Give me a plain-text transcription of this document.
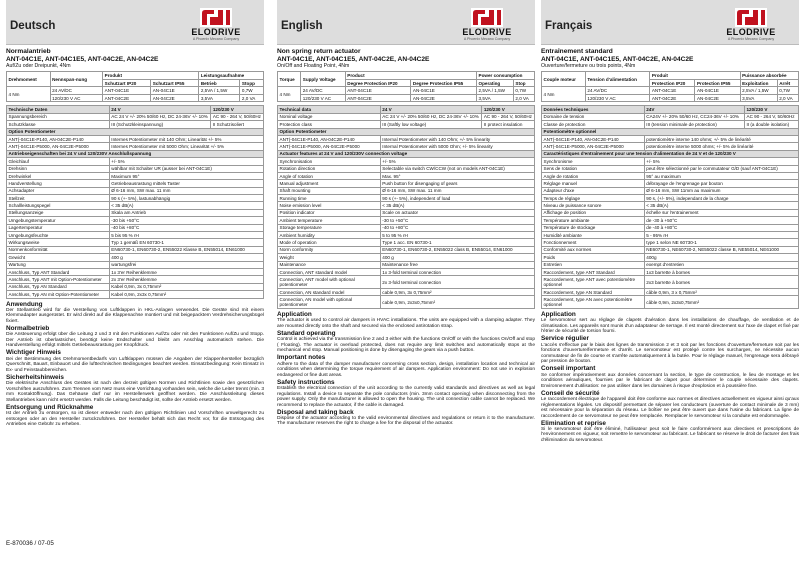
Deutsch	ELODRIVE
A Phoenix Mecano Company
Normalantrieb
ANT-04C1E, ANT-04C1E5, ANT-04C2E, AN-04C2E
Auf/Zu oder Dreipunkt, 4Nm
Drehmoment	Nennspan-nung	Produkt		Leistungsaufnahme	
		Schutzart IP20	Schutzart IP55	Betrieb	Stopp
4 Nm	24 AV/DC	ANT-04C1E	AN-04C1E	2,5VA / 1,5W	0,7W
	120/230 V AC	ANT-04C2E	AN-04C2E	3,5VA	2,0 VA
Technische Daten	24 V	120/230 V
Spannungsbereich	AC 24 V +/- 20% 50/60 Hz, DC 24-36V +/- 10%	AC 90 - 264 V, 50/60Hz
Schutzklasse	III (Schutzkleinspannung)	II Schutzisoliert
Option Potentiometer		
ANT(-04C1E-P140, AN-04C2E-P140	Internes Potentiometer mit 140 Ohm; Linearität +/- 5%	
ANT(-04C1E-P5000, AN-04C2E-P5000	Internes Potentiometer mit 5000 Ohm; Linearität +/- 5%	
Antriebseigenschaften bei 24 V und 120/230V Anschlußspannung		
Gleichlauf	+/- 5%	
Drehsinn	wählbar mit Schalter UR (ausser bei ANT-04C1E)	
Drehwinkel	Maximum 95°	
Handverstellung	Getriebeausrastung mittels Taster	
Achsadapter	Ø 6-16 mm, SW max. 11 mm	
Stellzeit	90 s (+- 5%), lastunabhängig	
Schallleistungspegel	< 35 dB(A)	
Stellungsanzeige	Skala am Antrieb	
Umgebungstemperatur	-30 bis +50°C	
Lagertemperatur	-40 bis +80°C	
Umgebungsfeuchte	5 bis 95 % rH	
Wirkungsweise	Typ 1 gemäß EN 60730-1	
Normenkonformität	EN60730-1, EN60730-2, EN55022 Klasse B, EN55014, EN61000	
Gewicht	400 g	
Wartung	wartungsfrei	
Anschluss, Typ ANT Standard	1x 3'er Reihenklemme	
Anschluss, Typ ANT mit Option-Potentiometer	2x 3'er Reihenklemme	
Anschluss, Typ AN Standard	Kabel 0,9m, 3x 0,75mm²	
Anschluss, Typ AN mit Option-Potentiometer	Kabel 0,9m, 2x3x 0,75mm²	
Anwendung

Der Stellantrieb wird für die Verstellung von Luftklappen in HKL-Anlagen verwendet. Die Geräte sind mit einem Klemmadapter ausgerüstet. Er wird direkt auf die Klappenachse montiert und mit beigepacktem Verdrehsicherungsbügel fixiert.

Normalbetrieb

Die Ansteuerung erfolgt über die Leitung 2 und 3 mit den Funktionen Auf/Zu oder mit den Funktionen Auf/Zu und Stopp. Der Antrieb ist überlastsicher, benötigt keine Endschalter und bleibt am Anschlag automatisch stehen. Die Handverstellung erfolgt mittels Getriebeausrastung per Knopfdruck.

Wichtiger Hinweis

Bei der Bestimmung des Drehmomentbedarfs von Luftklappen müssen die Angaben der Klappenhersteller bezüglich Querschnitt, Bauart, Einbauort und die lufttechnischen Bedingungen beachtet werden. Einsatzbedingung: Kein Einsatz in Ex- und Feinstaubbereichen.

Sicherheitshinweis

Die elektrische Anschluss des Gerätes ist nach den derzeit gültigen Normen und Richtlinien sowie den gesetzlichen Vorschriften auszuführen. Zum Trennen vom Netz muss eine Vorrichtung vorhanden sein, welche die Leiter trennt (min. 3 mm Kontaktöffnung). Das Gehäuse darf nur im Herstellerwerk geöffnet werden. Die Anschlussleitung dieses Stellantriebes kann nicht ersetzt werden. Falls die Leitung beschädigt ist, sollte der Antrieb ersetzt werden.

Entsorgung und Rücknahme

Ist der Antrieb zu entsorgen, so ist dieser entweder nach den gültigen Richtlinien und Vorschriften umweltgerecht zu entsorgen oder an den Hersteller zurückzuführen. Der Hersteller behält sich das Recht vor, für die Entsorgung des Antriebes eine Gebühr zu erheben.

English	ELODRIVE
A Phoenix Mecano Company
Non spring return actuator
ANT-04C1E, ANT-04C1E5, ANT-04C2E, AN-04C2E
On/Off and Floating Point, 4Nm
Torque	Supply Voltage	Product		Power consumption	
		Degree Protection IP20	Degree Protection IP55	Operating	Stop
4 Nm	24 AV/DC	ANT-04C1E	AN-04C1E	2,5VA / 1,5W	0,7W
	120/230 V AC	ANT-04C2E	AN-04C2E	3,5VA	2,0 VA
Technical data	24 V	120/230 V
Nominal voltage	AC 24 V +/- 20% 50/60 Hz, DC 24-36V +/- 10%	AC 90 - 264 V, 50/60Hz
Protection class	III (Saftly low voltage)	II protect insulation
Option Potentiometer		
ANT(-04C1E-P140, AN-04C2E-P140	Internal Potentiometer with 140 Ohm; +/- 5% linearity	
ANT(-04C1E-P5000, AN-04C2E-P5000	Internal Potentiometer with 5000 Ohm; +/- 5% linearity	
Actuator features at 24 V and 120/230V connection voltage		
Synchronisation	+/- 5%	
Rotation direction	Selectable via switch CW/CCW (not on models ANT-04C1E)	
Angle of rotation	Max. 95°	
Manual adjustment	Push button for disengaging of gears	
Shaft mounting	Ø 6-16 mm, SW max. 11 mm	
Running time	90 s (+- 5%), independent of load	
Noise emission level	< 35 dB(A)	
Position indicator	Scale on actuator	
Ambient temperature	-30 to +50°C	
Storage temperature	-40 to +80°C	
Ambient humidity	5 to 95 % rH	
Mode of operation	Type 1 acc. EN 60730-1	
Norm conformity	EN60730-1, EN60730-2, EN55022 class B, EN55014, EN61000	
Weight	400 g	
Maintenance	Maintenance free	
Connection, ANT standard model	1x 3-fold terminal connection	
Connection, ANT model with optional potentiometer	2x 3-fold terminal connection	
Connection, AN standard model	cable 0,9m, 3x 0,75mm²	
Connection, AN model with optional potentiometer	cable 0,9m, 2x3x0,75mm²	
Application

The actuator is used to control air dampers in HVAC installations. The units are equipped with a clamping adapter. They are mounted directly onto the shaft and secured via the enclosed antirotation strap.

Standard operating

Control is achieved via the transmission line 2 and 3 either with the functions On/Off or with the functions On/Off and stop ( Floating). The actuator is overload protected, does not require any limit switches and automatically stops at the mechanical end stop. Manual positioning is done by disengaging the gears via a push button.

Important notes

Adhere to the data of the damper manufacturer concerning cross section, design, installation location and technical air conditions when determining the torque requirement of air dampers. Application environment: Do not use in explosion endangered or fine dust areas.

Safety instructions

Establish the electrical connection of the unit according to the currently valid standards and directives as well as legal regulations. Install a device to separate the pole conductors (min. 3mm contact opening) when disconnecting from the power supply. Only the manufacturer is allowed to open the housing. The unit connection cable cannot be replaced. We recommend to replace the actuator, if the cable is damaged.

Disposal and taking back

Dispose of the actuator according to the valid environmental directives and regulations or return it to the manufacturer. The manufacturer reserves the right to charge a fee for the disposal of the actuator.

Français	ELODRIVE
A Phoenix Mecano Company
Entraînement standard
ANT-04C1E, ANT-04C1E5, ANT-04C2E, AN-04C2E
Ouverture/fermeture ou trois points, 4Nm
Couple moteur	Tension d'alimentation	Produit		Puissance absorbée	
		Protection IP20	Protection IP55	Exploitation	Arrêt
4 Nm	24 AV/DC	ANT-04C1E	AN-04C1E	2,5VA / 1,5W	0,7W
	120/230 V AC	ANT-04C2E	AN-04C2E	3,5VA	2,0 VA
Données techniques	24V	120/230 V
Domaine de tension	CA24V +/- 20% 50/60 Hz, CC24-36V +/- 10%	AC 90 - 264 V, 50/60Hz
Classe de protection	III (tension minimale de protection)	II (a double isolation)
Potentiomètre optionnel		
ANT(-04C1E-P140, AN-04C2E-P140	potentiomètre interne 140 ohms; +/- 5% de linéarité	
ANT(-04C1E-P5000, AN-04C2E-P5000	potentiomètre interne 5000 ohms; +/- 5% de linéarité	
Caractéristiques d'entraînement pour une tension d'alimentation de 24 V et de 120/230 V		
Synchronisme	+/- 5%	
Sens de rotation	peut être sélectionné par le commutateur G/D (sauf ANT-04C1E)	
Angle de rotation	95° au maximum	
Réglage manuel	débrayage de l'engrenage par bouton	
Adapteur d'axe	Ø 6-16 mm, SW 11mm au maximum	
Temps de réglage	90 s, (+/- 5%), independant de la charge	
Niveau de puissance sonore	< 35 dB(A)	
Affichage de position	échelle sur l'entrainement	
Température ambiante	de -30 à +50°C	
Température de stockage	de -40 à +80°C	
Humidité ambiante	5 - 95% rH	
Fonctionnement	type 1 selon NE 60730-1	
Conformité aux normes	NE60730-1, NE60730-2, NE55022 classe B, NE55014, NE61000	
Poids	400g	
Entretien	exempt d'entretien	
Raccordement, type ANT Standard	1x3 barrette à bornes	
Raccordement, type ANT avec potentiomètre optionnel	2x3 barrette à bornes	
Raccordement, type AN Standard	câble 0,9m, 3 x 0,75mm²	
Raccordement, type AN avec potentiomètre optionnel	câble 0,9m, 2x3x0,75mm²	
Application

Le servomoteur sert au réglage de clapets d'aération dans les installations de chauffage, de ventilation et de climatisation. Les appareils sont munis d'un adaptateur de serrage. Il est monté directement sur l'axe de clapet et fixé par l'étrier de sécurité de torsion fourni.

Service régulier

L'accès s'effectue par le biais des lignes de transmission 2 et 3 soit par les fonctions d'ouverture/fermeture soit par les fonctions d'ouverture/fermeture et d'arrêt. Le servomoteur est protégé contre les surcharges, ne nécessite aucun commutateur de fin de course et s'arrête automatiquement à la butée. Pour le réglage manuel, l'engrenage sera débrayé par pression de bouton.

Conseil important

Se conformer impérativement aux données concernant la section, le type de construction, le lieu de montage et les conditions aérauliques, fournies par le fabricant de clapet pour déterminer le couple nécessaire des clapets. Environnement d'utilisation: ne pas utiliser dans les domaines à risque d'explosion et à poussière fine.

Conseil de sécurité

Le raccordement électrique de l'appareil doit être conforme aux normes et directives actuellement en vigueur ainsi qu'aux réglementations légales. Un dispositif permettant de séparer les conducteurs (ouverture de contact minimale de 3 mm) est nécessaire pour la séparation du réseau. Le boîtier ne peut être ouvert que dans l'usine du fabricant. La ligne de raccordement de ce servomoteur ne peut être remplacée. Remplacer le servomoteur si la conduite est endommagée.

Elimination et reprise

Si le servomoteur doit être éliminé, l'utilisateur peut soit le faire conformément aux directives et prescriptions de l'environnement en vigueur, soit remettre le servomoteur au fabricant. Le fabricant se réserve le droit de facturer des frais d'élimination du servomoteur.

E-870036 / 07-05
